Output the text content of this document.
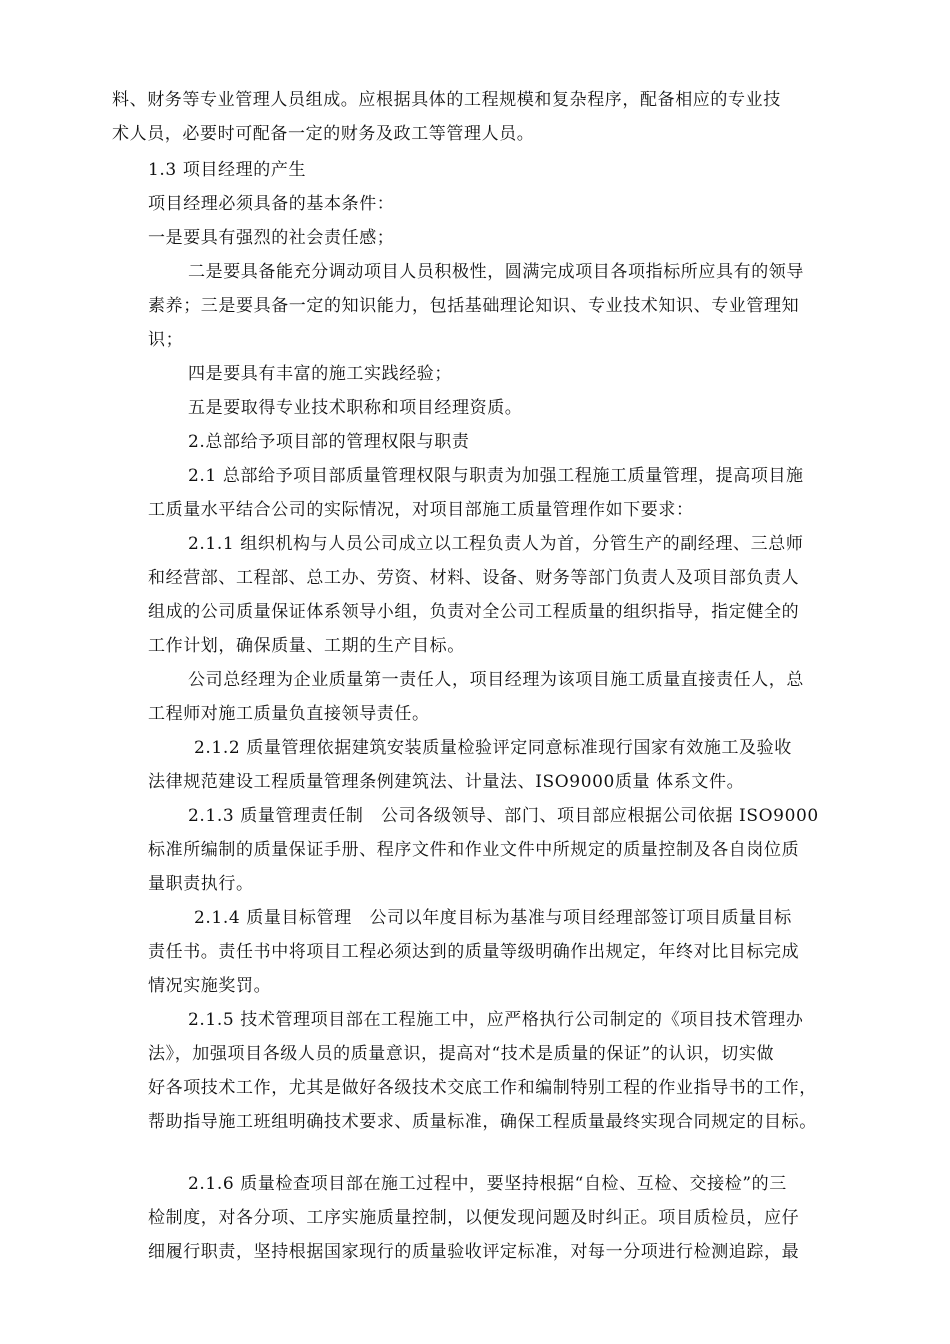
料、财务等专业管理人员组成。应根据具体的工程规模和复杂程序，配备相应的专业技
术人员，必要时可配备一定的财务及政工等管理人员。
1.3 项目经理的产生
项目经理必须具备的基本条件：
一是要具有强烈的社会责任感；
二是要具备能充分调动项目人员积极性，圆满完成项目各项指标所应具有的领导
素养；三是要具备一定的知识能力，包括基础理论知识、专业技术知识、专业管理知
识；
四是要具有丰富的施工实践经验；
五是要取得专业技术职称和项目经理资质。
2.总部给予项目部的管理权限与职责
2.1 总部给予项目部质量管理权限与职责为加强工程施工质量管理，提高项目施
工质量水平结合公司的实际情况，对项目部施工质量管理作如下要求：
2.1.1 组织机构与人员公司成立以工程负责人为首，分管生产的副经理、三总师
和经营部、工程部、总工办、劳资、材料、设备、财务等部门负责人及项目部负责人
组成的公司质量保证体系领导小组，负责对全公司工程质量的组织指导，指定健全的
工作计划，确保质量、工期的生产目标。
公司总经理为企业质量第一责任人，项目经理为该项目施工质量直接责任人，总
工程师对施工质量负直接领导责任。
2.1.2 质量管理依据建筑安装质量检验评定同意标准现行国家有效施工及验收
法律规范建设工程质量管理条例建筑法、计量法、ISO9000质量 体系文件。
2.1.3 质量管理责任制　公司各级领导、部门、项目部应根据公司依据 ISO9000
标准所编制的质量保证手册、程序文件和作业文件中所规定的质量控制及各自岗位质
量职责执行。
2.1.4 质量目标管理　公司以年度目标为基准与项目经理部签订项目质量目标
责任书。责任书中将项目工程必须达到的质量等级明确作出规定，年终对比目标完成
情况实施奖罚。
2.1.5 技术管理项目部在工程施工中，应严格执行公司制定的《项目技术管理办
法》，加强项目各级人员的质量意识，提高对“技术是质量的保证”的认识，切实做
好各项技术工作，尤其是做好各级技术交底工作和编制特别工程的作业指导书的工作，
帮助指导施工班组明确技术要求、质量标准，确保工程质量最终实现合同规定的目标。
2.1.6 质量检查项目部在施工过程中，要坚持根据“自检、互检、交接检”的三
检制度，对各分项、工序实施质量控制，以便发现问题及时纠正。项目质检员，应仔
细履行职责，坚持根据国家现行的质量验收评定标准，对每一分项进行检测追踪，最
